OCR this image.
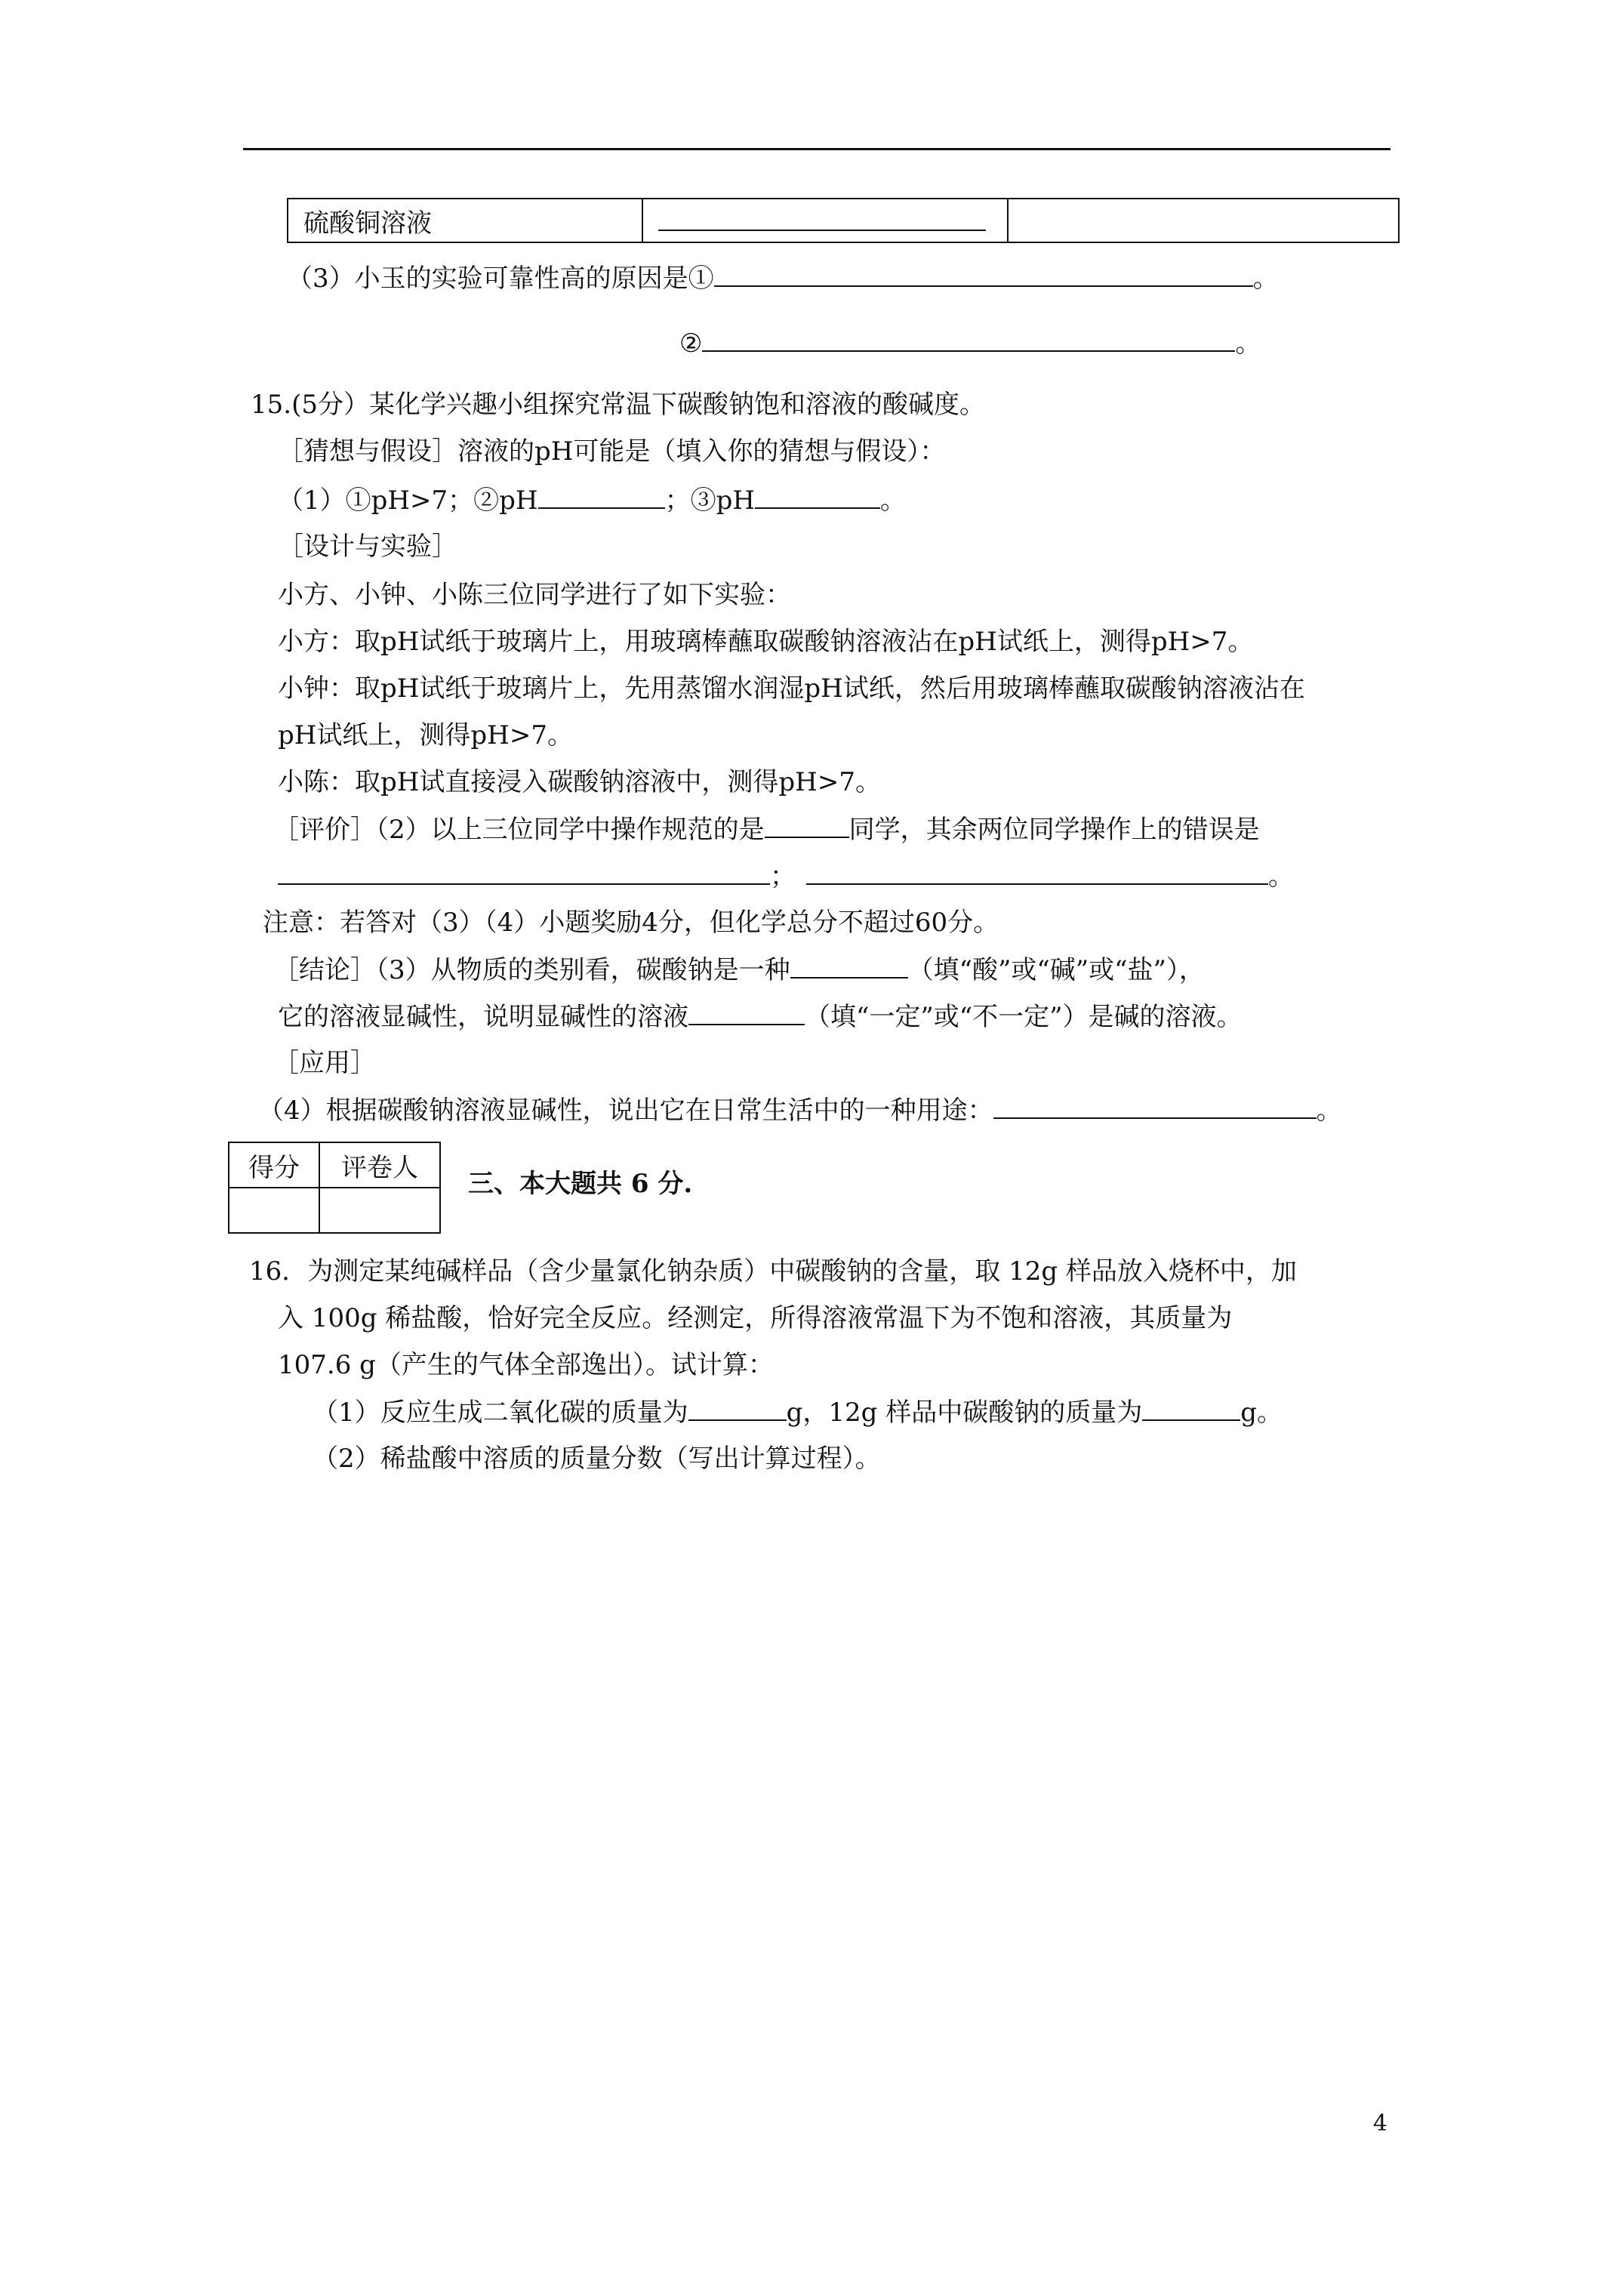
硫酸铜溶液		
（3）小玉的实验可靠性高的原因是①	。
②	。
15.(5分）某化学兴趣小组探究常温下碳酸钠饱和溶液的酸碱度。
［猜想与假设］溶液的pH可能是（填入你的猜想与假设）：
（1）①pH>7；②pH	；③pH	。
［设计与实验］
小方、小钟、小陈三位同学进行了如下实验：
小方：取pH试纸于玻璃片上，用玻璃棒蘸取碳酸钠溶液沾在pH试纸上，测得pH>7。
小钟：取pH试纸于玻璃片上，先用蒸馏水润湿pH试纸，然后用玻璃棒蘸取碳酸钠溶液沾在
pH试纸上，测得pH>7。
小陈：取pH试直接浸入碳酸钠溶液中，测得pH>7。
［评价］（2）以上三位同学中操作规范的是	同学，其余两位同学操作上的错误是
；	。
注意：若答对（3）（4）小题奖励4分，但化学总分不超过60分。
［结论］（3）从物质的类别看，碳酸钠是一种	（填“酸”或“碱”或“盐”），
它的溶液显碱性，说明显碱性的溶液	（填“一定”或“不一定”）是碱的溶液。
［应用］
（4）根据碳酸钠溶液显碱性，说出它在日常生活中的一种用途：	。
得分	评卷人

三、本大题共 6 分.
16．为测定某纯碱样品（含少量氯化钠杂质）中碳酸钠的含量，取 12g 样品放入烧杯中，加
入 100g 稀盐酸，恰好完全反应。经测定，所得溶液常温下为不饱和溶液，其质量为
107.6 g（产生的气体全部逸出）。试计算：
（1）反应生成二氧化碳的质量为	g，12g 样品中碳酸钠的质量为	g。
（2）稀盐酸中溶质的质量分数（写出计算过程）。
4
